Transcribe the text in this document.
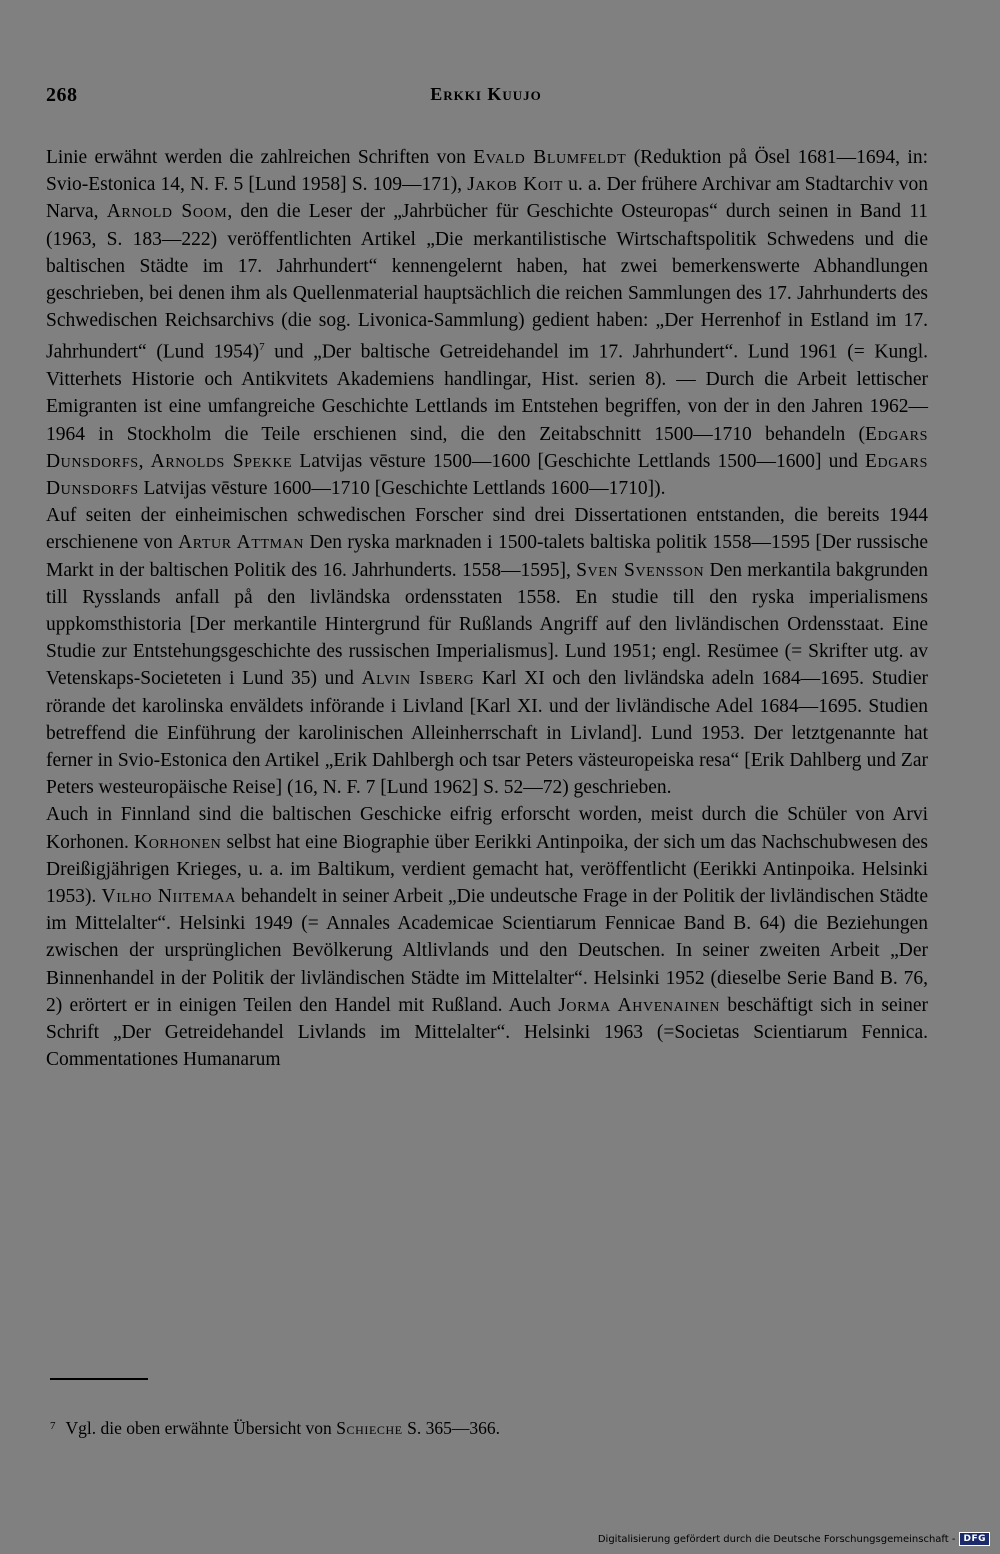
268	Erkki Kuujo

Linie erwähnt werden die zahlreichen Schriften von Evald Blumfeldt (Reduktion på Ösel 1681—1694, in: Svio-Estonica 14, N. F. 5 [Lund 1958] S. 109—171), Jakob Koit u. a. Der frühere Archivar am Stadtarchiv von Narva, Arnold Soom, den die Leser der „Jahrbücher für Geschichte Osteuropas“ durch seinen in Band 11 (1963, S. 183—222) veröffentlichten Artikel „Die merkantilistische Wirtschaftspolitik Schwedens und die baltischen Städte im 17. Jahrhundert“ kennengelernt haben, hat zwei bemerkenswerte Abhandlungen geschrieben, bei denen ihm als Quellenmaterial hauptsächlich die reichen Sammlungen des 17. Jahrhunderts des Schwedischen Reichsarchivs (die sog. Livonica-Sammlung) gedient haben: „Der Herrenhof in Estland im 17. Jahrhundert“ (Lund 1954)$^7$ und „Der baltische Getreidehandel im 17. Jahrhundert“. Lund 1961 (= Kungl. Vitterhets Historie och Antikvitets Akademiens handlingar, Hist. serien 8). — Durch die Arbeit lettischer Emigranten ist eine umfangreiche Geschichte Lettlands im Entstehen begriffen, von der in den Jahren 1962—1964 in Stockholm die Teile erschienen sind, die den Zeitabschnitt 1500—1710 behandeln (Edgars Dunsdorfs, Arnolds Spekke Latvijas vēsture 1500—1600 [Geschichte Lettlands 1500—1600] und Edgars Dunsdorfs Latvijas vēsture 1600—1710 [Geschichte Lettlands 1600—1710]).

Auf seiten der einheimischen schwedischen Forscher sind drei Dissertationen entstanden, die bereits 1944 erschienene von Artur Attman Den ryska marknaden i 1500-talets baltiska politik 1558—1595 [Der russische Markt in der baltischen Politik des 16. Jahrhunderts. 1558—1595], Sven Svensson Den merkantila bakgrunden till Rysslands anfall på den livländska ordensstaten 1558. En studie till den ryska imperialismens uppkomsthistoria [Der merkantile Hintergrund für Rußlands Angriff auf den livländischen Ordensstaat. Eine Studie zur Entstehungsgeschichte des russischen Imperialismus]. Lund 1951; engl. Resümee (= Skrifter utg. av Vetenskaps-Societeten i Lund 35) und Alvin Isberg Karl XI och den livländska adeln 1684—1695. Studier rörande det karolinska enväldets införande i Livland [Karl XI. und der livländische Adel 1684—1695. Studien betreffend die Einführung der karolinischen Alleinherrschaft in Livland]. Lund 1953. Der letztgenannte hat ferner in Svio-Estonica den Artikel „Erik Dahlbergh och tsar Peters västeuropeiska resa“ [Erik Dahlberg und Zar Peters westeuropäische Reise] (16, N. F. 7 [Lund 1962] S. 52—72) geschrieben.

Auch in Finnland sind die baltischen Geschicke eifrig erforscht worden, meist durch die Schüler von Arvi Korhonen. Korhonen selbst hat eine Biographie über Eerikki Antinpoika, der sich um das Nachschubwesen des Dreißigjährigen Krieges, u. a. im Baltikum, verdient gemacht hat, veröffentlicht (Eerikki Antinpoika. Helsinki 1953). Vilho Niitemaa behandelt in seiner Arbeit „Die undeutsche Frage in der Politik der livländischen Städte im Mittelalter“. Helsinki 1949 (= Annales Academicae Scientiarum Fennicae Band B. 64) die Beziehungen zwischen der ursprünglichen Bevölkerung Altlivlands und den Deutschen. In seiner zweiten Arbeit „Der Binnenhandel in der Politik der livländischen Städte im Mittelalter“. Helsinki 1952 (dieselbe Serie Band B. 76, 2) erörtert er in einigen Teilen den Handel mit Rußland. Auch Jorma Ahvenainen beschäftigt sich in seiner Schrift „Der Getreidehandel Livlands im Mittelalter“. Helsinki 1963 (=Societas Scientiarum Fennica. Commentationes Humanarum

$^7$ Vgl. die oben erwähnte Übersicht von Schieche S. 365—366.
Digitalisierung gefördert durch die Deutsche Forschungsgemeinschaft - DFG
